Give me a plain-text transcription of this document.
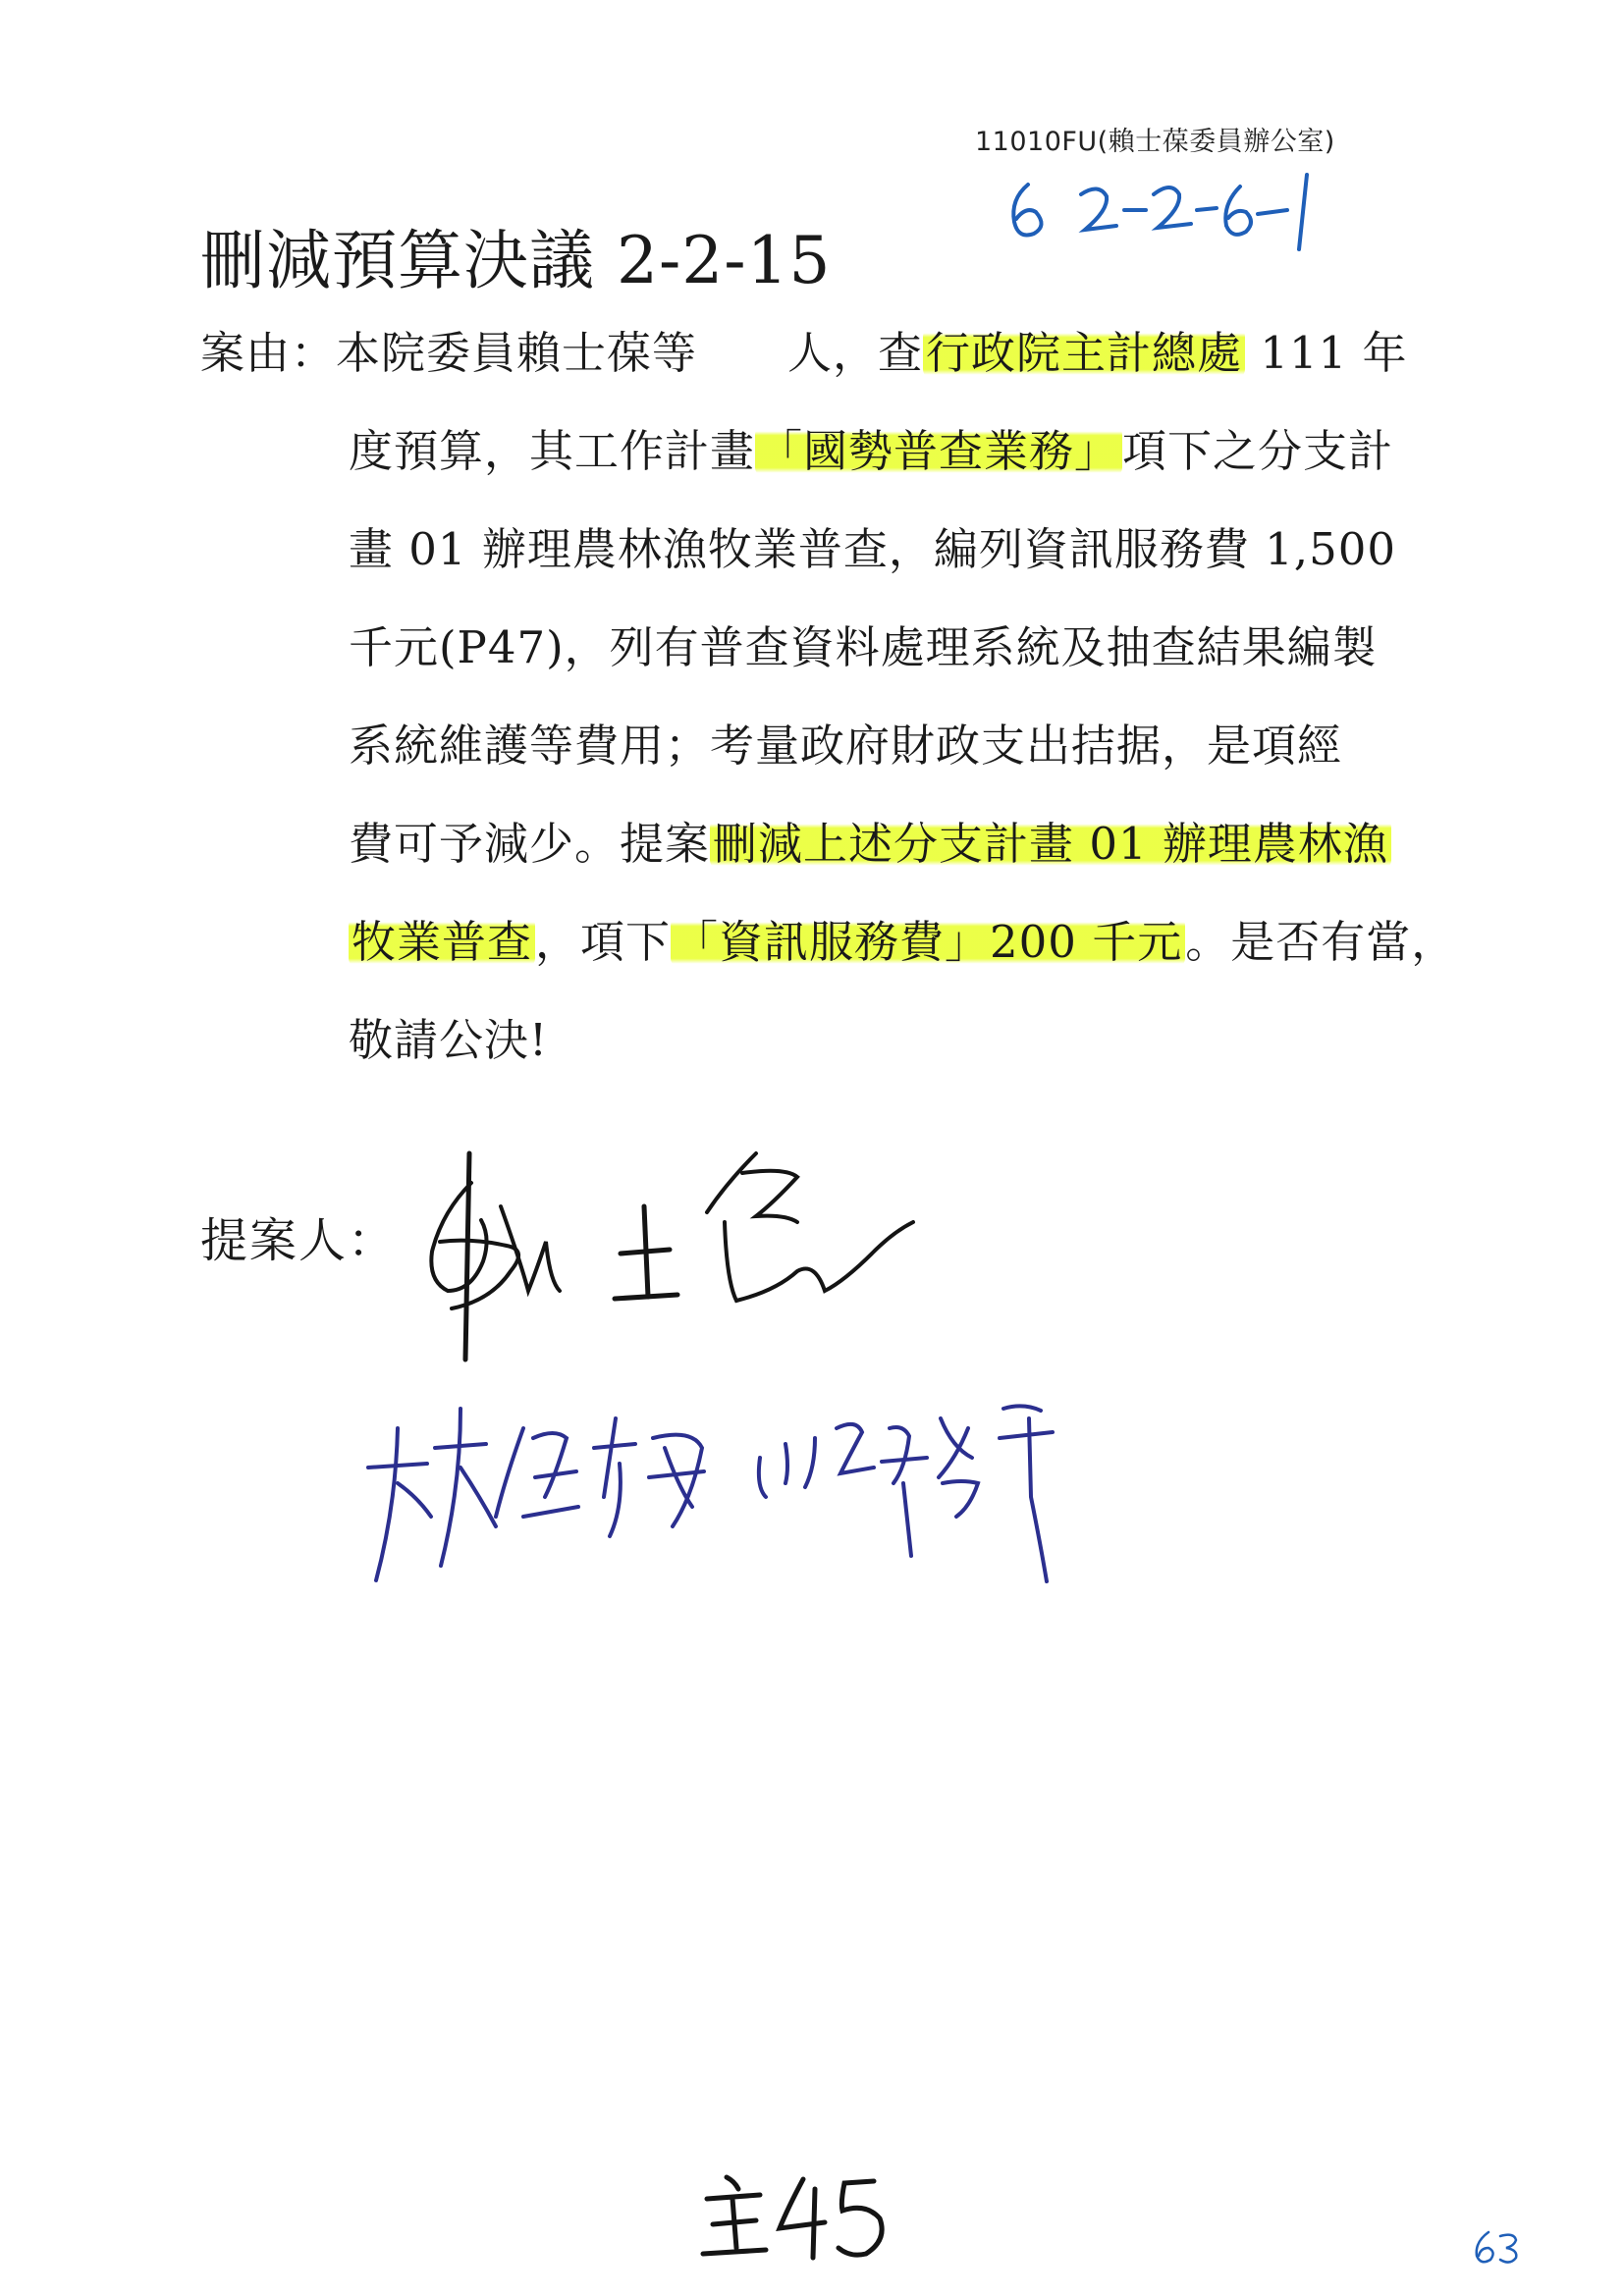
11010FU(賴士葆委員辦公室)
刪減預算決議 2-2-15
案由：本院委員賴士葆等　　人，查行政院主計總處 111 年
度預算，其工作計畫「國勢普查業務」項下之分支計
畫 01 辦理農林漁牧業普查，編列資訊服務費 1,500
千元(P47)，列有普查資料處理系統及抽查結果編製
系統維護等費用；考量政府財政支出拮据，是項經
費可予減少。提案刪減上述分支計畫 01 辦理農林漁
牧業普查，項下「資訊服務費」200 千元。是否有當，
敬請公決!
提案人：
